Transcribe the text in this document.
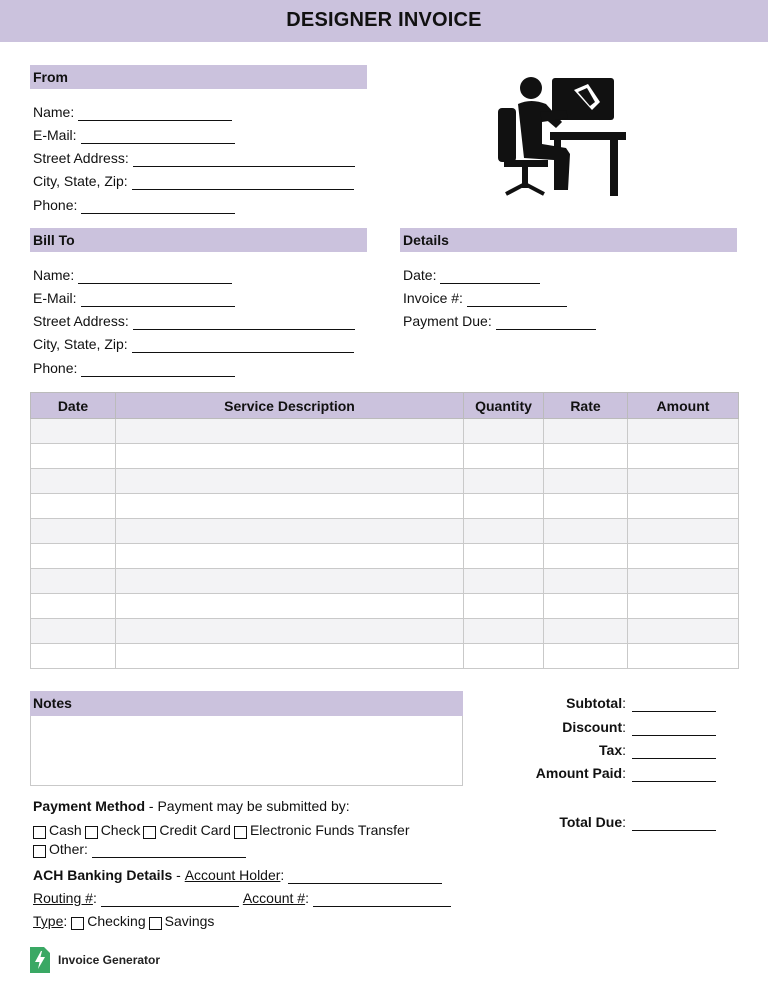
DESIGNER INVOICE
From
Name:
E-Mail:
Street Address:
City, State, Zip:
Phone:
Bill To
Name:
E-Mail:
Street Address:
City, State, Zip:
Phone:
Details
Date:
Invoice #:
Payment Due:
Date	Service Description	Quantity	Rate	Amount

Notes	Subtotal :
Discount :
Tax :
Amount Paid :
Total Due :
Payment Method - Payment may be submitted by:
Cash Check Credit Card Electronic Funds Transfer
Other:
ACH Banking Details - Account Holder :
Routing # :	Account # :
Type : Checking Savings
Invoice Generator
